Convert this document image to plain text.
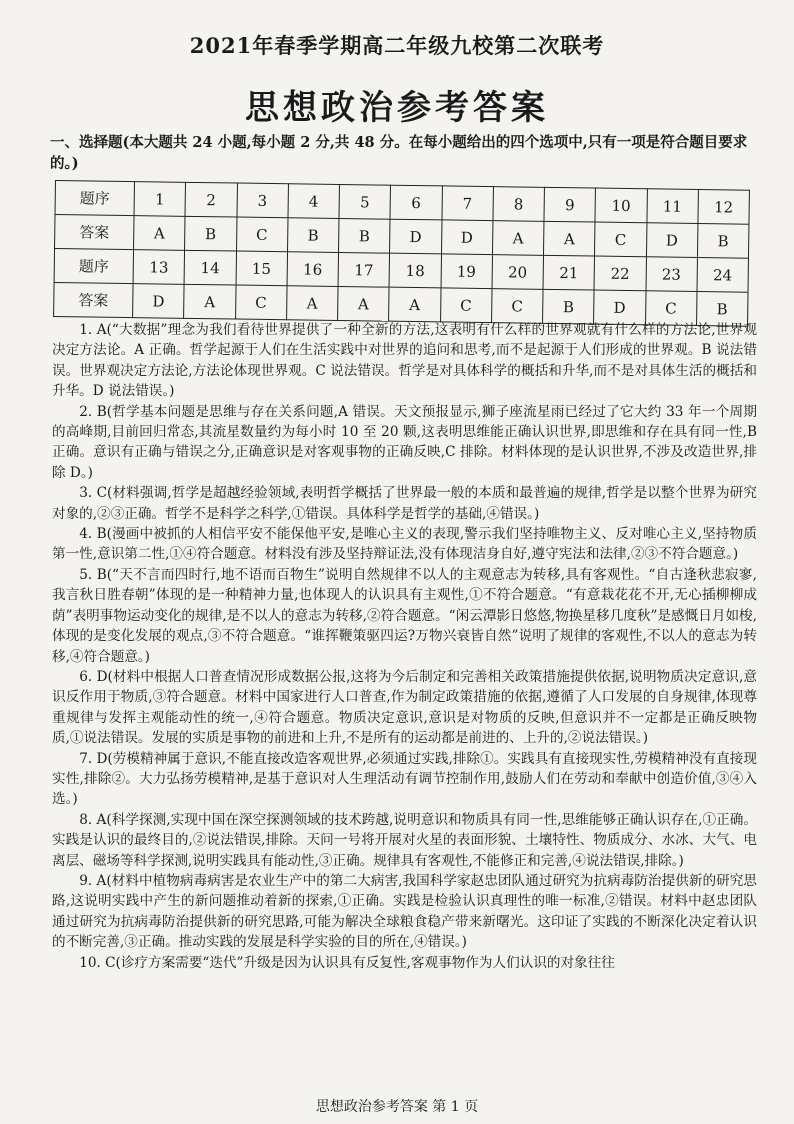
2021年春季学期高二年级九校第二次联考
思想政治参考答案
一、选择题(本大题共 24 小题,每小题 2 分,共 48 分。在每小题给出的四个选项中,只有一项是符合题目要求的。)
题序	1	2	3	4	5	6	7	8	9	10	11	12
答案	A	B	C	B	B	D	D	A	A	C	D	B
题序	13	14	15	16	17	18	19	20	21	22	23	24
答案	D	A	C	A	A	A	C	C	B	D	C	B

1. A(“大数据”理念为我们看待世界提供了一种全新的方法,这表明有什么样的世界观就有什么样的方法论,世界观决定方法论。A 正确。哲学起源于人们在生活实践中对世界的追问和思考,而不是起源于人们形成的世界观。B 说法错误。世界观决定方法论,方法论体现世界观。C 说法错误。哲学是对具体科学的概括和升华,而不是对具体生活的概括和升华。D 说法错误。)

2. B(哲学基本问题是思维与存在关系问题,A 错误。天文预报显示,狮子座流星雨已经过了它大约 33 年一个周期的高峰期,目前回归常态,其流星数量约为每小时 10 至 20 颗,这表明思维能正确认识世界,即思维和存在具有同一性,B 正确。意识有正确与错误之分,正确意识是对客观事物的正确反映,C 排除。材料体现的是认识世界,不涉及改造世界,排除 D。)

3. C(材料强调,哲学是超越经验领域,表明哲学概括了世界最一般的本质和最普遍的规律,哲学是以整个世界为研究对象的,②③正确。哲学不是科学之科学,①错误。具体科学是哲学的基础,④错误。)

4. B(漫画中被抓的人相信平安不能保他平安,是唯心主义的表现,警示我们坚持唯物主义、反对唯心主义,坚持物质第一性,意识第二性,①④符合题意。材料没有涉及坚持辩证法,没有体现洁身自好,遵守宪法和法律,②③不符合题意。)

5. B(“天不言而四时行,地不语而百物生”说明自然规律不以人的主观意志为转移,具有客观性。“自古逢秋悲寂寥,我言秋日胜春朝”体现的是一种精神力量,也体现人的认识具有主观性,①不符合题意。“有意栽花花不开,无心插柳柳成荫”表明事物运动变化的规律,是不以人的意志为转移,②符合题意。“闲云潭影日悠悠,物换星移几度秋”是感慨日月如梭,体现的是变化发展的观点,③不符合题意。“谁挥鞭策驱四运?万物兴衰皆自然”说明了规律的客观性,不以人的意志为转移,④符合题意。)

6. D(材料中根据人口普查情况形成数据公报,这将为今后制定和完善相关政策措施提供依据,说明物质决定意识,意识反作用于物质,③符合题意。材料中国家进行人口普查,作为制定政策措施的依据,遵循了人口发展的自身规律,体现尊重规律与发挥主观能动性的统一,④符合题意。物质决定意识,意识是对物质的反映,但意识并不一定都是正确反映物质,①说法错误。发展的实质是事物的前进和上升,不是所有的运动都是前进的、上升的,②说法错误。)

7. D(劳模精神属于意识,不能直接改造客观世界,必须通过实践,排除①。实践具有直接现实性,劳模精神没有直接现实性,排除②。大力弘扬劳模精神,是基于意识对人生理活动有调节控制作用,鼓励人们在劳动和奉献中创造价值,③④入选。)

8. A(科学探测,实现中国在深空探测领域的技术跨越,说明意识和物质具有同一性,思维能够正确认识存在,①正确。实践是认识的最终目的,②说法错误,排除。天问一号将开展对火星的表面形貌、土壤特性、物质成分、水冰、大气、电离层、磁场等科学探测,说明实践具有能动性,③正确。规律具有客观性,不能修正和完善,④说法错误,排除。)

9. A(材料中植物病毒病害是农业生产中的第二大病害,我国科学家赵忠团队通过研究为抗病毒防治提供新的研究思路,这说明实践中产生的新问题推动着新的探索,①正确。实践是检验认识真理性的唯一标准,②错误。材料中赵忠团队通过研究为抗病毒防治提供新的研究思路,可能为解决全球粮食稳产带来新曙光。这印证了实践的不断深化决定着认识的不断完善,③正确。推动实践的发展是科学实验的目的所在,④错误。)

10. C(诊疗方案需要“迭代”升级是因为认识具有反复性,客观事物作为人们认识的对象往往

思想政治参考答案 第 1 页
